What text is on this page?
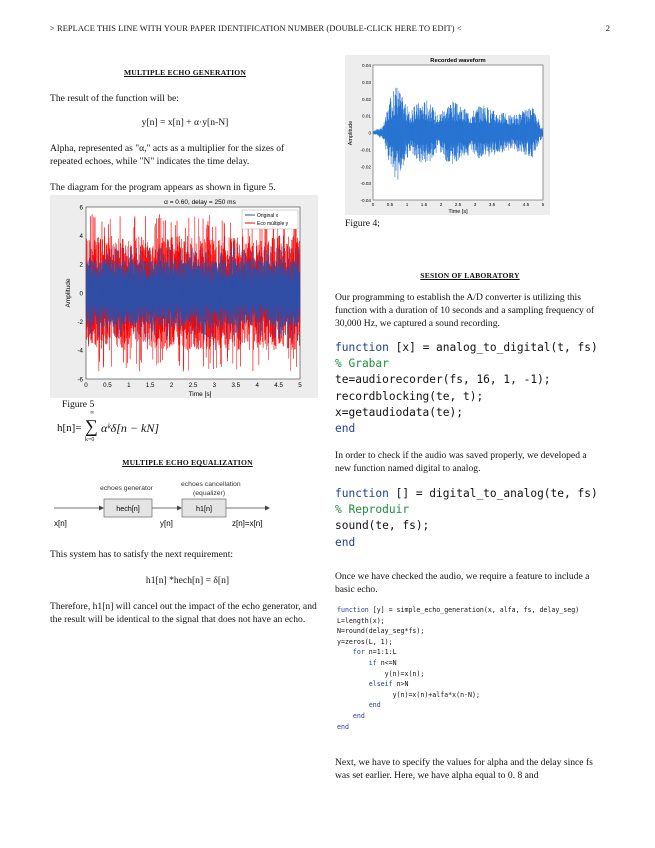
> REPLACE THIS LINE WITH YOUR PAPER IDENTIFICATION NUMBER (DOUBLE-CLICK HERE TO EDIT) <	2
MULTIPLE ECHO GENERATION
The result of the function will be:
y[n] = x[n] + α·y[n-N]
Alpha, represented as "α," acts as a multiplier for the sizes of repeated echoes, while "N" indicates the time delay.
The diagram for the program appears as shown in figure 5.
α = 0.60, delay = 250 ms
6
4
2
0
-2
-4
-6
0 0.5 1 1.5 2 2.5 3 3.5 4 4.5 5
Time [s]
Amplitude
Original x
Eco múltiple y
Figure 5
h[n]=
∞
∑
k=0
αᵏδ[n − kN]
MULTIPLE ECHO EQUALIZATION
echoes generator
echoes cancellation
(equalizer)
hech[n]	h1[n]
x[n]	y[n]	z[n]=x[n]
This system has to satisfy the next requirement:
h1[n] *hech[n] = δ[n]
Therefore, h1[n] will cancel out the impact of the echo generator, and the result will be identical to the signal that does not have an echo.
Recorded waveform
0.04
0.03
0.02
0.01
0
-0.01
-0.02
-0.03
-0.04
0	0.5	1	1.5	2	2.5	3	3.5	4	4.5	5
Time [s]
Amplitude
Figure 4;
SESION OF LABORATORY
Our programming to establish the A/D converter is utilizing this function with a duration of 10 seconds and a sampling frequency of 30,000 Hz, we captured a sound recording.
function [x] = analog_to_digital(t, fs)
% Grabar
te=audiorecorder(fs, 16, 1, -1);
recordblocking(te, t);
x=getaudiodata(te);
end
In order to check if the audio was saved properly, we developed a new function named digital to analog.
function [] = digital_to_analog(te, fs)
% Reproduir
sound(te, fs);
end
Once we have checked the audio, we require a feature to include a basic echo.
function [y] = simple_echo_generation(x, alfa, fs, delay_seg)
L=length(x);
N=round(delay_seg*fs);
y=zeros(L, 1);
for n=1:1:L
if n<=N
y(n)=x(n);
elseif n>N
y(n)=x(n)+alfa*x(n-N);
end
end
end
Next, we have to specify the values for alpha and the delay since fs was set earlier. Here, we have alpha equal to 0. 8 and
